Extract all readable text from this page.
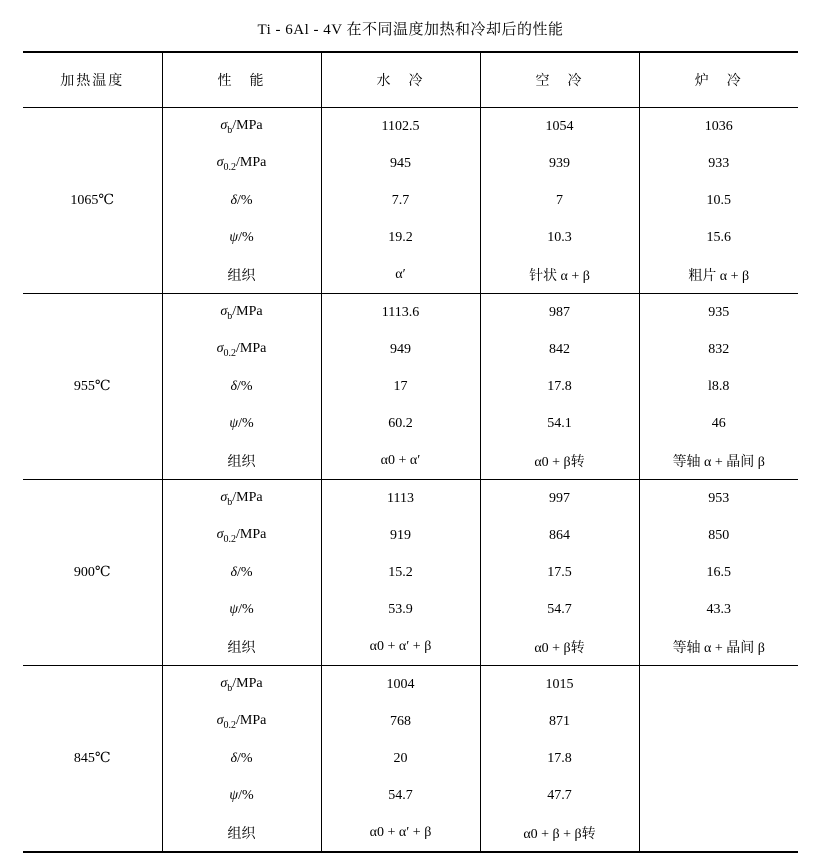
Ti - 6Al - 4V 在不同温度加热和冷却后的性能
加热温度	性　能	水　冷	空　冷	炉　冷
1065℃	$\sigma_b$/MPa	1102.5	1054	1036
	$\sigma_{0.2}$/MPa	945	939	933
	δ/%	7.7	7	10.5
	ψ/%	19.2	10.3	15.6
	组织	α′	针状 α + β	粗片 α + β
955℃	$\sigma_b$/MPa	1113.6	987	935
	$\sigma_{0.2}$/MPa	949	842	832
	δ/%	17	17.8	l8.8
	ψ/%	60.2	54.1	46
	组织	α0 + α′	α0 + β转	等轴 α + 晶间 β
900℃	$\sigma_b$/MPa	1113	997	953
	$\sigma_{0.2}$/MPa	919	864	850
	δ/%	15.2	17.5	16.5
	ψ/%	53.9	54.7	43.3
	组织	α0 + α′ + β	α0 + β转	等轴 α + 晶间 β
845℃	$\sigma_b$/MPa	1004	1015	
	$\sigma_{0.2}$/MPa	768	871	
	δ/%	20	17.8	
	ψ/%	54.7	47.7	
	组织	α0 + α′ + β	α0 + β + β转	
